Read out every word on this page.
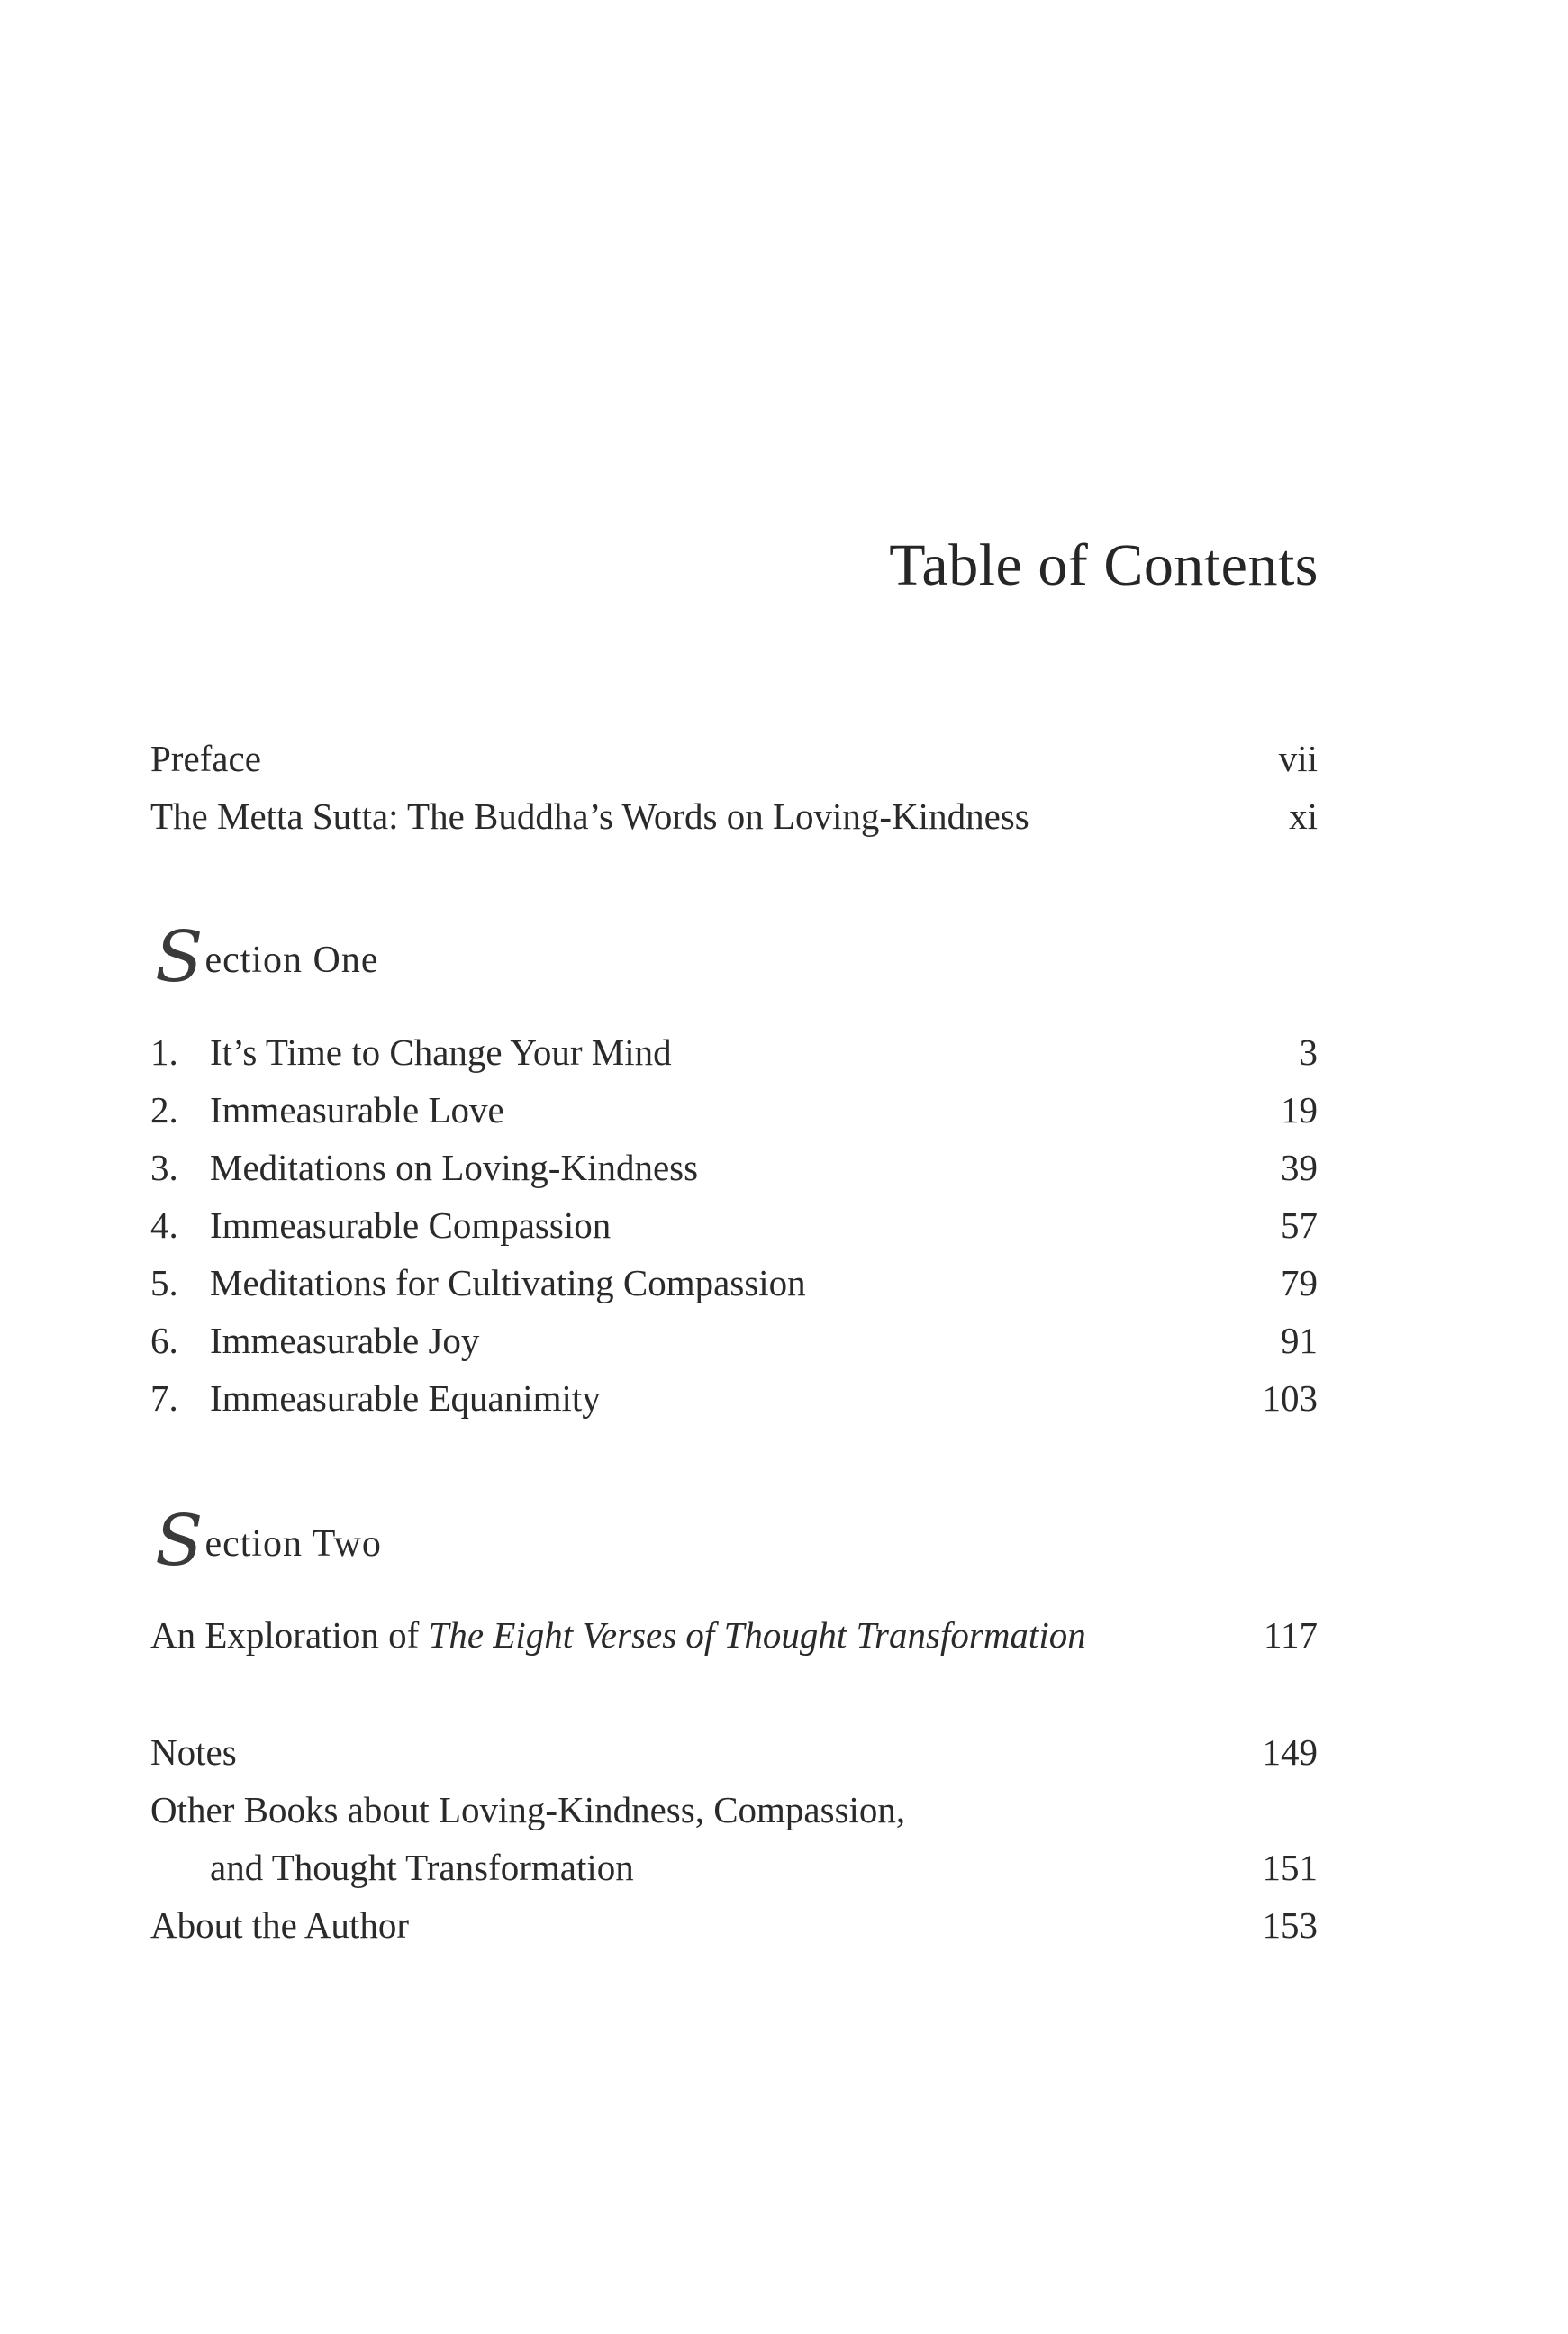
Table of Contents
Preface	vii
The Metta Sutta: The Buddha’s Words on Loving-Kindness	xi
Section One
1. It’s Time to Change Your Mind	3
2. Immeasurable Love	19
3. Meditations on Loving-Kindness	39
4. Immeasurable Compassion	57
5. Meditations for Cultivating Compassion	79
6. Immeasurable Joy	91
7. Immeasurable Equanimity	103
Section Two
An Exploration of The Eight Verses of Thought Transformation	117
Notes	149
Other Books about Loving-Kindness, Compassion,
and Thought Transformation	151
About the Author	153
